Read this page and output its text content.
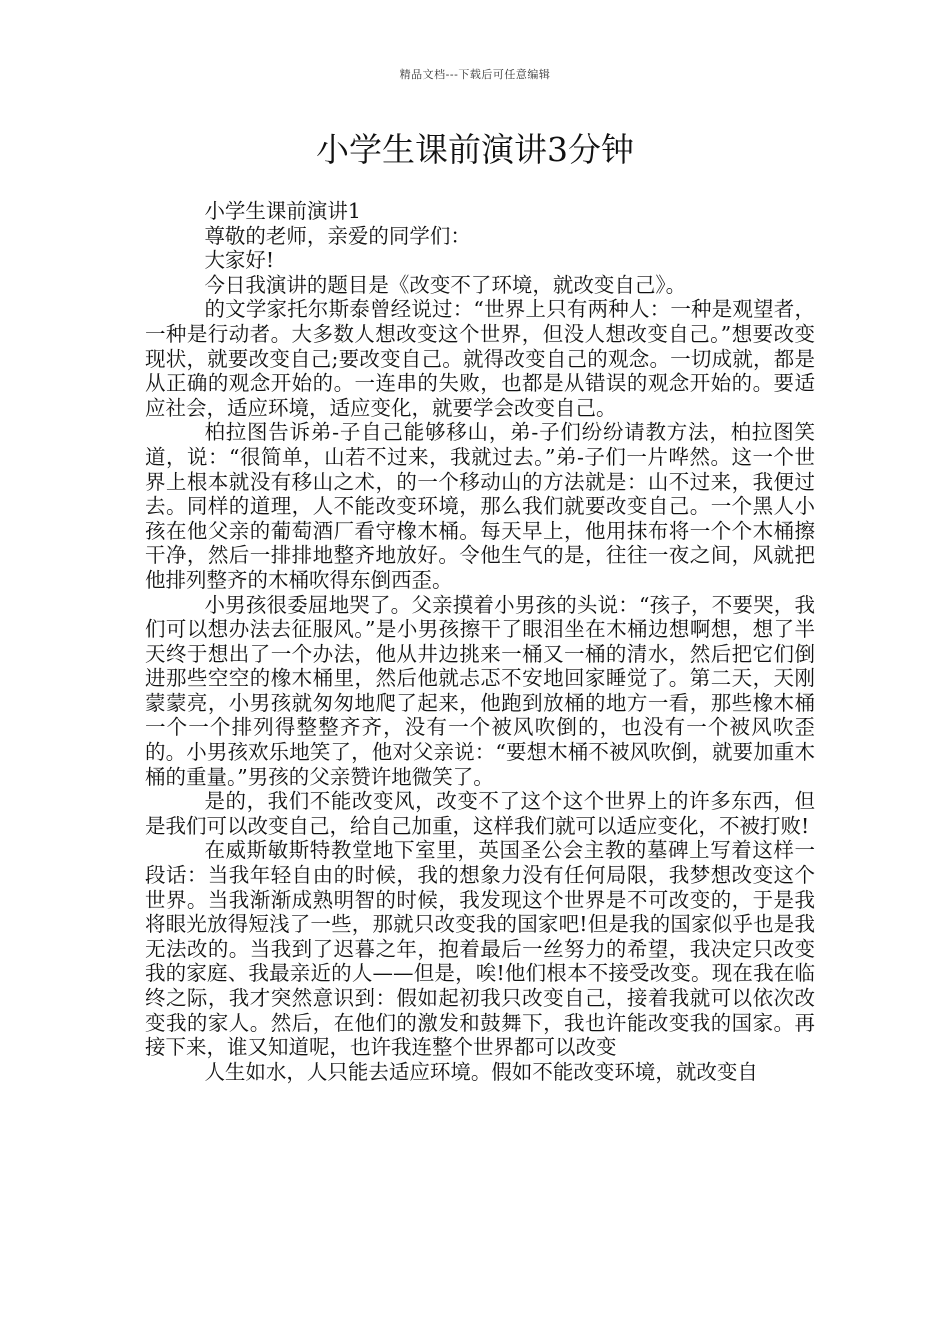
精品文档---下载后可任意编辑
小学生课前演讲3分钟

小学生课前演讲1

尊敬的老师，亲爱的同学们：

大家好!

今日我演讲的题目是《改变不了环境，就改变自己》。

的文学家托尔斯泰曾经说过：“世界上只有两种人：一种是观望者，一种是行动者。大多数人想改变这个世界，但没人想改变自己。”想要改变现状，就要改变自己;要改变自己。就得改变自己的观念。一切成就，都是从正确的观念开始的。一连串的失败，也都是从错误的观念开始的。要适应社会，适应环境，适应变化，就要学会改变自己。

柏拉图告诉弟-子自己能够移山，弟-子们纷纷请教方法，柏拉图笑道，说：“很简单，山若不过来，我就过去。”弟-子们一片哗然。这一个世界上根本就没有移山之术，的一个移动山的方法就是：山不过来，我便过去。同样的道理，人不能改变环境，那么我们就要改变自己。一个黑人小孩在他父亲的葡萄酒厂看守橡木桶。每天早上，他用抹布将一个个木桶擦干净，然后一排排地整齐地放好。令他生气的是，往往一夜之间，风就把他排列整齐的木桶吹得东倒西歪。

小男孩很委屈地哭了。父亲摸着小男孩的头说：“孩子，不要哭，我们可以想办法去征服风。”是小男孩擦干了眼泪坐在木桶边想啊想，想了半天终于想出了一个办法，他从井边挑来一桶又一桶的清水，然后把它们倒进那些空空的橡木桶里，然后他就忐忑不安地回家睡觉了。第二天，天刚蒙蒙亮，小男孩就匆匆地爬了起来，他跑到放桶的地方一看，那些橡木桶一个一个排列得整整齐齐，没有一个被风吹倒的，也没有一个被风吹歪的。小男孩欢乐地笑了，他对父亲说：“要想木桶不被风吹倒，就要加重木桶的重量。”男孩的父亲赞许地微笑了。

是的，我们不能改变风，改变不了这个这个世界上的许多东西，但是我们可以改变自己，给自己加重，这样我们就可以适应变化，不被打败!

在威斯敏斯特教堂地下室里，英国圣公会主教的墓碑上写着这样一段话：当我年轻自由的时候，我的想象力没有任何局限，我梦想改变这个世界。当我渐渐成熟明智的时候，我发现这个世界是不可改变的，于是我将眼光放得短浅了一些，那就只改变我的国家吧!但是我的国家似乎也是我无法改的。当我到了迟暮之年，抱着最后一丝努力的希望，我决定只改变我的家庭、我最亲近的人——但是，唉!他们根本不接受改变。现在我在临终之际，我才突然意识到：假如起初我只改变自己，接着我就可以依次改变我的家人。然后，在他们的激发和鼓舞下，我也许能改变我的国家。再接下来，谁又知道呢，也许我连整个世界都可以改变

人生如水，人只能去适应环境。假如不能改变环境，就改变自
